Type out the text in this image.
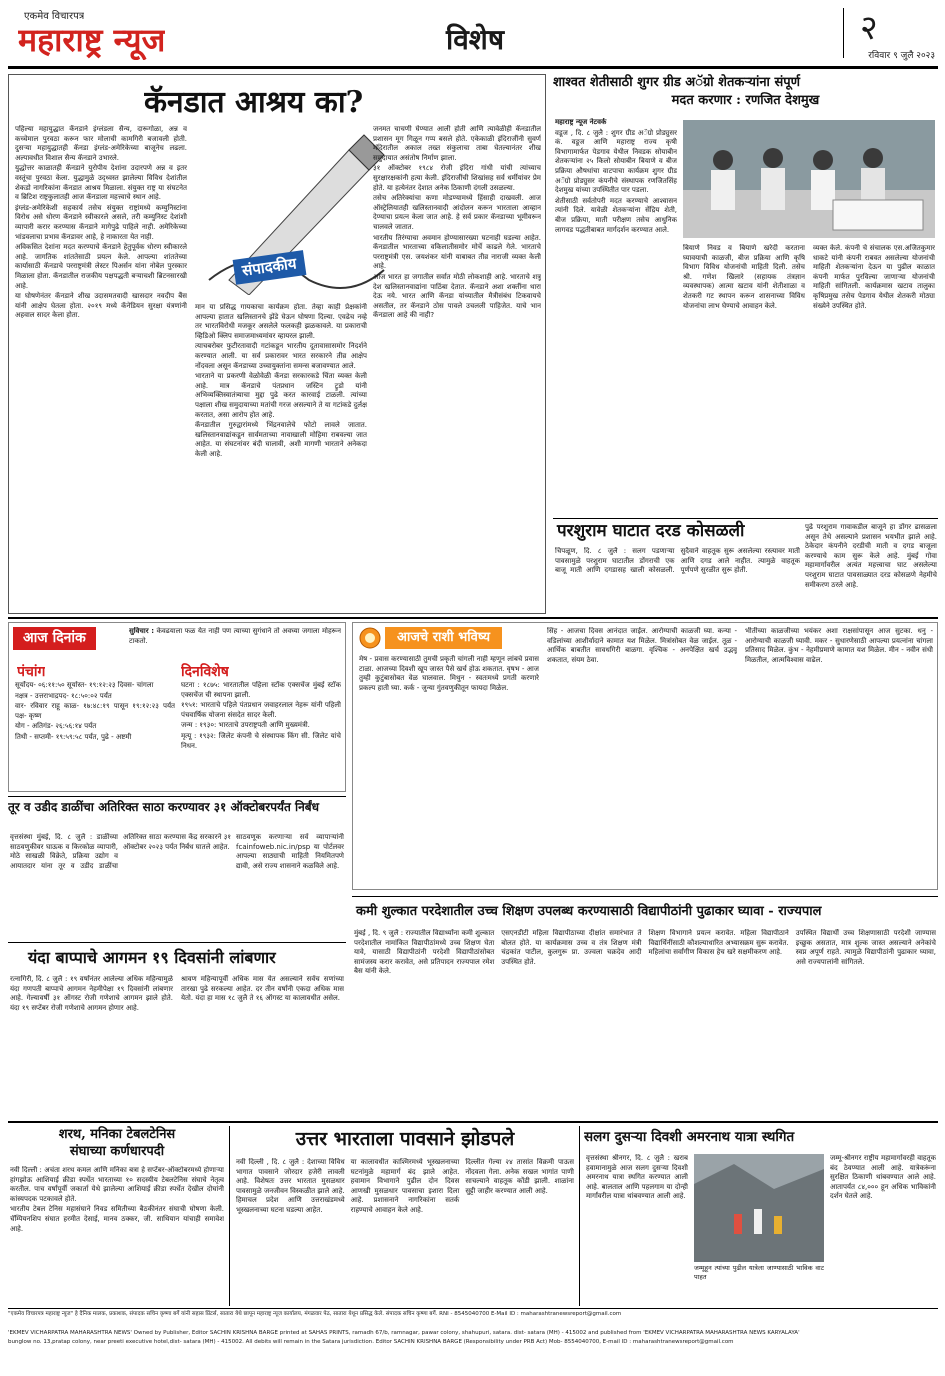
एकमेव विचारपत्र
महाराष्ट्र न्यूज	विशेष	२
रविवार ९ जुलै २०२३
कॅनडात आश्रय का?
संपादकीय

पहिल्या महायुद्धात कॅनडाने इंग्लंडला सैन्य, दारूगोळा, अन्न व कच्चेमाल पुरवठा करून फार मोलाची कामगिरी बजावली होती. दुसऱ्या महायुद्धातही कॅनडा इंग्लंड-अमेरिकेच्या बाजूनेच लढला. अल्पावधीत विशाल सैन्य कॅनडाने उभारले.

युद्धोत्तर काळातही कॅनडाने युरोपीय देशांना उदारपणे अन्न व इतर वस्तूंचा पुरवठा केला. युद्धामुळे उद्ध्वस्त झालेल्या विविध देशांतील शेकडो नागरिकांना कॅनडात आश्रय मिळाला. संयुक्त राष्ट्र या संघटनेत व ब्रिटिश राष्ट्रकुलातही आज कॅनडाला महत्त्वाचे स्थान आहे.

इंग्लंड-अमेरिकेशी सहकार्य तसेच संयुक्त राष्ट्रांमध्ये कम्युनिस्टांना विरोध असे धोरण कॅनडाने स्वीकारले असले, तरी कम्युनिस्ट देशांशी व्यापारी करार करण्यास कॅनडाने मागेपुढे पाहिले नाही. अमेरिकेच्या भांडवलाचा प्रभाव कॅनडावर आहे, हे नाकारता येत नाही.

अविकसित देशांना मदत करण्याचे कॅनडाने हेतुपूर्वक धोरण स्वीकारले आहे. जागतिक शांततेसाठी प्रयत्न केले. आपल्या शांततेच्या कार्यासाठी कॅनडाचे परराष्ट्रमंत्री लेस्टर पिअर्सन यांना नोबेल पुरस्कार मिळाला होता. कॅनडातील राजकीय पक्षपद्धती बऱ्याचशी ब्रिटनसारखी आहे.

या घोषणेनंतर कॅनडाने शीख उदासमतवादी खासदार नवदीप बैंस यांनी आक्षेप घेतला होता. २०१९ मध्ये कॅनेडियन सुरक्षा यंत्रणांनी अहवाल सादर केला होता.

मान या प्रसिद्ध गायकाचा कार्यक्रम होता. तेव्हा काही प्रेक्षकांनी आपल्या हातात खलिस्तानचे झेंडे घेऊन घोषणा दिल्या. एवढेच नव्हे तर भारतविरोधी मजकूर असलेले फलकही झळकावले. या प्रकाराची व्हिडिओ क्लिप समाजमाध्यमांवर व्हायरल झाली.

त्याचबरोबर फुटीरतावादी गटांकडून भारतीय दूतावासासमोर निदर्शने करण्यात आली. या सर्व प्रकारावर भारत सरकारने तीव्र आक्षेप नोंदवला असून कॅनडाच्या उच्चायुक्तांना समन्स बजावण्यात आले.

भारताने या प्रकरणी वेळोवेळी कॅनडा सरकारकडे चिंता व्यक्त केली आहे. मात्र कॅनडाचे पंतप्रधान जस्टिन ट्रुडो यांनी अभिव्यक्तिस्वातंत्र्याचा मुद्दा पुढे करत कारवाई टाळली. त्यांच्या पक्षाला शीख समुदायाच्या मतांची गरज असल्याने ते या गटांकडे दुर्लक्ष करतात, असा आरोप होत आहे.

कॅनडातील गुरुद्वारांमध्ये भिंद्रनवालेचे फोटो लावले जातात. खलिस्तानवाद्यांकडून सार्वमताच्या नावाखाली मोहिमा राबवल्या जात आहेत. या संघटनांवर बंदी घालावी, अशी मागणी भारताने अनेकदा केली आहे.

जनमत चाचणी घेण्यात आली होती आणि त्यावेळीही कॅनडातील प्रशासन मूग गिळून गप्प बसले होते. एकेकाळी इंदिराजींनी सुवर्ण मंदिरातील अकाल तख्त संकुलाचा ताबा घेतल्यानंतर शीख समुदायात असंतोष निर्माण झाला.

३१ ऑक्टोबर १९८४ रोजी इंदिरा गांधी यांची त्यांच्याच सुरक्षारक्षकांनी हत्या केली. इंदिराजींची शिखांसह सर्व धर्मीयांवर प्रेम होते. या हत्येनंतर देशात अनेक ठिकाणी दंगली उसळल्या.

तसेच अतिरेक्यांचा कणा मोडण्यामध्ये हिंसाही दाखवली. आज ऑस्ट्रेलियातही खलिस्तानवादी आंदोलन करून भारताला आव्हान देण्याचा प्रयत्न केला जात आहे. हे सर्व प्रकार कॅनडाच्या भूमीवरून चालवले जातात.

भारतीय तिरंग्याचा अवमान होण्यासारख्या घटनाही घडल्या आहेत. कॅनडातील भारताच्या वकिलातीसमोर मोर्चे काढले गेले. भारताचे परराष्ट्रमंत्री एस. जयशंकर यांनी याबाबत तीव्र नाराजी व्यक्त केली आहे.

आज भारत हा जगातील सर्वात मोठी लोकशाही आहे. भारताचे शत्रू देश खलिस्तानवाद्यांना पाठिंबा देतात. कॅनडाने अशा शक्तींना थारा देऊ नये. भारत आणि कॅनडा यांच्यातील मैत्रीसंबंध टिकवायचे असतील, तर कॅनडाने ठोस पावले उचलली पाहिजेत. याचे भान कॅनडाला आहे की नाही?

शाश्वत शेतीसाठी शुगर ग्रीड अॅग्रो शेतकऱ्यांना संपूर्ण
मदत करणार : रणजित देशमुख

महाराष्ट्र न्यूज नेटवर्क

वडूज , दि. ८ जुलै : शुगर ग्रीड अॅग्रो प्रोड्युसर कं. वडूज आणि महाराष्ट्र राज्य कृषी विभागामार्फत पेडगाव येथील निवडक सोयाबीन शेतकऱ्यांना २५ किलो सोयाबीन बियाणे व बीज प्रक्रिया औषधांचा वाटपाचा कार्यक्रम शुगर ग्रीड अॅग्रो प्रोड्युसर कंपनीचे संस्थापक रणजितसिंह देशमुख यांच्या उपस्थितीत पार पडला.

शेतीसाठी सर्वतोपरी मदत करण्याचे आश्वासन त्यांनी दिले. यावेळी शेतकऱ्यांना सेंद्रिय शेती, बीज प्रक्रिया, माती परीक्षण तसेच आधुनिक लागवड पद्धतीबाबत मार्गदर्शन करण्यात आले.

बियाणे निवड व बियाणे खरेदी करताना घ्यावयाची काळजी, बीज प्रक्रिया आणि कृषि विभाग विविध योजनांची माहिती दिली. तसेच श्री. गणेश खिलारे (सहायक तंत्रज्ञान व्यवस्थापक) आत्मा खटाव यांनी शेतीशाळा व शेतकरी गट स्थापन करून शासनाच्या विविध योजनांचा लाभ घेण्याचे आवाहन केले.

व्यक्त केले. कंपनी चे संचालक एस.अजितकुमार धाकटे यांनी कंपनी राबवत असलेल्या योजनांची माहिती शेतकऱ्यांना देऊन या पुढील काळात कंपनी मार्फत पुरविल्या जाणाऱ्या योजनांची माहिती सांगितली. कार्यक्रमास खटाव तालुका कृषिप्रमुख तसेच पेडगाव येथील शेतकरी मोठ्या संख्येने उपस्थित होते.

परशुराम घाटात दरड कोसळली

चिपळूण, दि. ८ जुलै : सलग पडणाऱ्या पावसामुळे परशुराम घाटातील डोंगराची एक बाजू माती आणि दगडासह खाली कोसळली. सुदैवाने वाहतूक सुरू असलेल्या रस्त्यावर माती आणि दगड आले नाहीत. त्यामुळे वाहतूक पूर्णपणे सुरळीत सुरू होती.

पुढे परशुराम गावाकडील बाजूने हा डोंगर ढासळला असून तेथे असल्याने प्रशासन भयभीत झाले आहे. ठेकेदार कंपनीने दरडीची माती व दगड बाजूला करण्याचे काम सुरू केले आहे. मुंबई गोवा महामार्गावरील अत्यंत महत्त्वाचा घाट असलेल्या परशुराम घाटात पावसाळ्यात दरड कोसळणे नेहमीचे समीकरण ठरले आहे.

आज दिनांक	सुविचार : केवढयाला फळ येत नाही पण त्याच्या सुगंधाने तो अवघ्या जगाला मोहरून टाकतो.
पंचांग

सूर्योदय- ०६:११:५० सूर्यास्त- १९:१२:२३ दिवस- चांगला

नक्षत्र - उत्तराभाद्रपद- १८:५०:०२ पर्यंत

वार- रविवार राहू काळ- १७:४८:१९ पासून १९:१२:२३ पर्यंत पक्ष- कृष्ण

योग - अतिगंड- २६:५६:१४ पर्यंत

तिथी - सप्तमी- १९:५९:५८ पर्यंत, पुढे - अष्टमी

दिनविशेष

घटना : १८७५: भारतातील पहिला स्टॉक एक्सचेंज मुंबई स्टॉक एक्सचेंज ची स्थापना झाली.

१९५१: भारताचे पहिले पंतप्रधान जवाहरलाल नेहरू यांनी पहिली पंचवार्षिक योजना संसदेत सादर केली.

जन्म : १९३०: भारताचे उपराष्ट्रपती आणि मुख्यमंत्री.

मृत्यू : १९३२: जिलेट कंपनी चे संस्थापक किंग सी. जिलेट यांचे निधन.

आजचे राशी भविष्य

मेष - प्रवास करण्यासाठी तुमची प्रकृती चांगली नाही म्हणून लांबचे प्रवास टाळा. आजच्या दिवशी खूप जास्त पैसे खर्च होऊ शकतात. वृषभ - आज तुम्ही कुटुंबासोबत वेळ घालवाल. मिथुन - स्वतःमध्ये प्रगती करणारे प्रकल्प हाती घ्या. कर्क - जुन्या गुंतवणुकीतून फायदा मिळेल.

सिंह - आजचा दिवस आनंदात जाईल. आरोग्याची काळजी घ्या. कन्या - वडिलांच्या आशीर्वादाने कामात यश मिळेल. मित्रांसोबत वेळ जाईल. तूळ - आर्थिक बाबतीत सावधगिरी बाळगा. वृश्चिक - अनपेक्षित खर्च उद्भवू शकतात, संयम ठेवा.

भीतीच्या काळजीच्या भयंकर अशा राक्षसांपासून आज सुटका. धनु - आरोग्याची काळजी घ्यावी. मकर - सुधारणेसाठी आपल्या प्रयत्नांना चांगला प्रतिसाद मिळेल. कुंभ - नेहमीप्रमाणे कामात यश मिळेल. मीन - नवीन संधी मिळतील, आत्मविश्वास वाढेल.

तूर व उडीद डाळींचा अतिरिक्त साठा करण्यावर ३१ ऑक्टोबरपर्यंत निर्बंध

वृत्तसंस्था मुंबई, दि. ८ जुलै : डाळींच्या साठवणुकीवर घाऊक व किरकोळ व्यापारी, मोठे साखळी विक्रेते, प्रक्रिया उद्योग व आयातदार यांना तूर व उडीद डाळींचा अतिरिक्त साठा करण्यास केंद्र सरकारने ३१ ऑक्टोबर २०२३ पर्यंत निर्बंध घातले आहेत.

साठवणूक करणाऱ्या सर्व व्यापाऱ्यांनी fcainfoweb.nic.in/psp या पोर्टलवर आपल्या साठ्याची माहिती नियमितपणे द्यावी, असे राज्य शासनाने कळविले आहे.

यंदा बाप्पाचे आगमन १९ दिवसांनी लांबणार

रत्नागिरी, दि. ८ जुलै : १९ वर्षांनंतर आलेल्या अधिक महिन्यामुळे यंदा गणपती बाप्पाचे आगमन नेहमीपेक्षा १९ दिवसांनी लांबणार आहे. गेल्यावर्षी ३१ ऑगस्ट रोजी गणेशाचे आगमन झाले होते. यंदा १९ सप्टेंबर रोजी गणेशाचे आगमन होणार आहे.

श्रावण महिन्यापूर्वी अधिक मास येत असल्याने सर्वच सणांच्या तारखा पुढे सरकल्या आहेत. दर तीन वर्षांनी एकदा अधिक मास येतो. यंदा हा मास १८ जुलै ते १६ ऑगस्ट या कालावधीत असेल.

कमी शुल्कात परदेशातील उच्च शिक्षण उपलब्ध करण्यासाठी विद्यापीठांनी पुढाकार घ्यावा - राज्यपाल

मुंबई , दि. ९ जुलै : राज्यातील विद्यार्थ्यांना कमी शुल्कात परदेशातील नामांकित विद्यापीठांमध्ये उच्च शिक्षण घेता यावे, यासाठी विद्यापीठांनी परदेशी विद्यापीठांसोबत सामंजस्य करार करावेत, असे प्रतिपादन राज्यपाल रमेश बैस यांनी केले.

एसएनडीटी महिला विद्यापीठाच्या दीक्षांत समारंभात ते बोलत होते. या कार्यक्रमास उच्च व तंत्र शिक्षण मंत्री चंद्रकांत पाटील, कुलगुरू प्रा. उज्वला चक्रदेव आदी उपस्थित होते.

शिक्षण विभागाने प्रयत्न करावेत. महिला विद्यापीठाने विद्यार्थिनींसाठी कौशल्याधारित अभ्यासक्रम सुरू करावेत. महिलांचा सर्वांगीण विकास हेच खरे सक्षमीकरण आहे.

उपस्थित विद्यार्थी उच्च शिक्षणासाठी परदेशी जाण्यास इच्छुक असतात, मात्र शुल्क जास्त असल्याने अनेकांचे स्वप्न अपूर्ण राहते. त्यामुळे विद्यापीठांनी पुढाकार घ्यावा, असे राज्यपालांनी सांगितले.

शरथ, मनिका टेबलटेनिस
संघाच्या कर्णधारपदी

नवी दिल्ली : अचंता शरथ कमल आणि मनिका बत्रा हे सप्टेंबर-ऑक्टोबरमध्ये होणाऱ्या हांगझोऊ आशियाई क्रीडा स्पर्धेत भारताच्या १० सदस्यीय टेबलटेनिस संघाचे नेतृत्व करतील. पाच वर्षांपूर्वी जकार्ता येथे झालेल्या आशियाई क्रीडा स्पर्धेत देखील दोघांनी कांस्यपदक पटकावले होते.

भारतीय टेबल टेनिस महासंघाने निवड समितीच्या बैठकीनंतर संघाची घोषणा केली. चॅम्पियनशिप संघात हरमीत देसाई, मानव ठक्कर, जी. साथियान यांचाही समावेश आहे.

उत्तर भारताला पावसाने झोडपले

नवी दिल्ली , दि. ८ जुलै : देशाच्या विविध भागात पावसाने जोरदार हजेरी लावली आहे. विशेषतः उत्तर भारतात मुसळधार पावसामुळे जनजीवन विस्कळीत झाले आहे. हिमाचल प्रदेश आणि उत्तराखंडमध्ये भूस्खलनाच्या घटना घडल्या आहेत.

या कालावधीत काश्मिरमध्ये भूस्खलनाच्या घटनांमुळे महामार्ग बंद झाले आहेत. हवामान विभागाने पुढील दोन दिवस आणखी मुसळधार पावसाचा इशारा दिला आहे. प्रशासनाने नागरिकांना सतर्क राहण्याचे आवाहन केले आहे.

दिल्लीत गेल्या २४ तासांत विक्रमी पाऊस नोंदवला गेला. अनेक सखल भागांत पाणी साचल्याने वाहतूक कोंडी झाली. शाळांना सुट्टी जाहीर करण्यात आली आहे.

सलग दुसऱ्या दिवशी अमरनाथ यात्रा स्थगित

वृत्तसंस्था श्रीनगर, दि. ८ जुलै : खराब हवामानामुळे आज सलग दुसऱ्या दिवशी अमरनाथ यात्रा स्थगित करण्यात आली आहे. बालताल आणि पहलगाम या दोन्ही मार्गांवरील यात्रा थांबवण्यात आली आहे.

जम्मूहून त्यांच्या पुढील यात्रेला जाण्यासाठी भाविक वाट पाहत

जम्मू-श्रीनगर राष्ट्रीय महामार्गावरही वाहतूक बंद ठेवण्यात आली आहे. यात्रेकरूंना सुरक्षित ठिकाणी थांबवण्यात आले आहे. आतापर्यंत ८४,००० हून अधिक भाविकांनी दर्शन घेतले आहे.

"एकमेव विचारपत्र महाराष्ट्र न्यूज" हे दैनिक मालक, प्रकाशक, संपादक सचिन कृष्णा बर्गे यांनी सहास प्रिंटर्स, सातारा येथे छापून महाराष्ट्र न्यूज कार्यालय, मंगळवार पेठ, सातारा येथून प्रसिद्ध केले. संपादक सचिन कृष्णा बर्गे. RNI - 8545040700 E-Mail ID : maharashtranewsreport@gmail.com
'EKMEV VICHARPATRA MAHARASHTRA NEWS' Owned by Publisher, Editor SACHIN KRISHNA BARGE printed at SAHAS PRINTS, ramadh 67/b, ramnagar, pawar colony, shahupuri, satara. dist- satara (MH) - 415002 and published from 'EKMEV VICHARPATRA MAHARASHTRA NEWS KARYALAYA'
bunglow no. 13,pratap colony, near preeti executive hotel,dist- satara (MH) - 415002. All debits will remain in the Satara jurisdiction. Editor SACHIN KRISHNA BARGE (Responsibility under PRB Act) Mob- 8554040700, E-mail ID : maharashtranewsreport@gmail.com
